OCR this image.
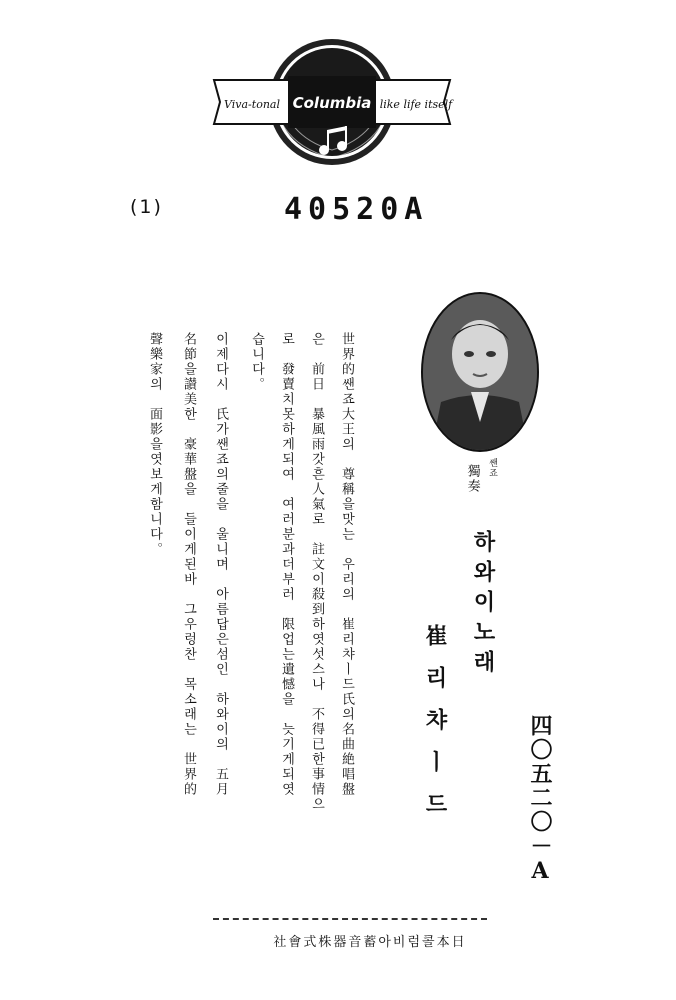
Columbia
Viva-tonal	like life itself
(1)	40520A
獨奏 쌘죠
하와이노래
崔리챠ㅣ드	四〇五二〇－A
世界的쌘죠大王의　尊稱을맛는　우리의　崔리챠ㅣ드氏의名曲絶唱盤
은　前日　暴風雨갓흔人氣로　註文이殺到하엿섯스나　不得已한事情으
로　發賣치못하게되여　여러분과더부러　限업는遺憾을　늣기게되엿
습니다。
이제다시　氏가쌘죠의줄을　울니며　아름답은섬인　하와이의　五月
名節을讃美한　豪華盤을　들이게된바　그우렁찬　목소래는　世界的
聲樂家의　面影을엿보게함니다。
社會式株器音蓄아비럼콜本日
